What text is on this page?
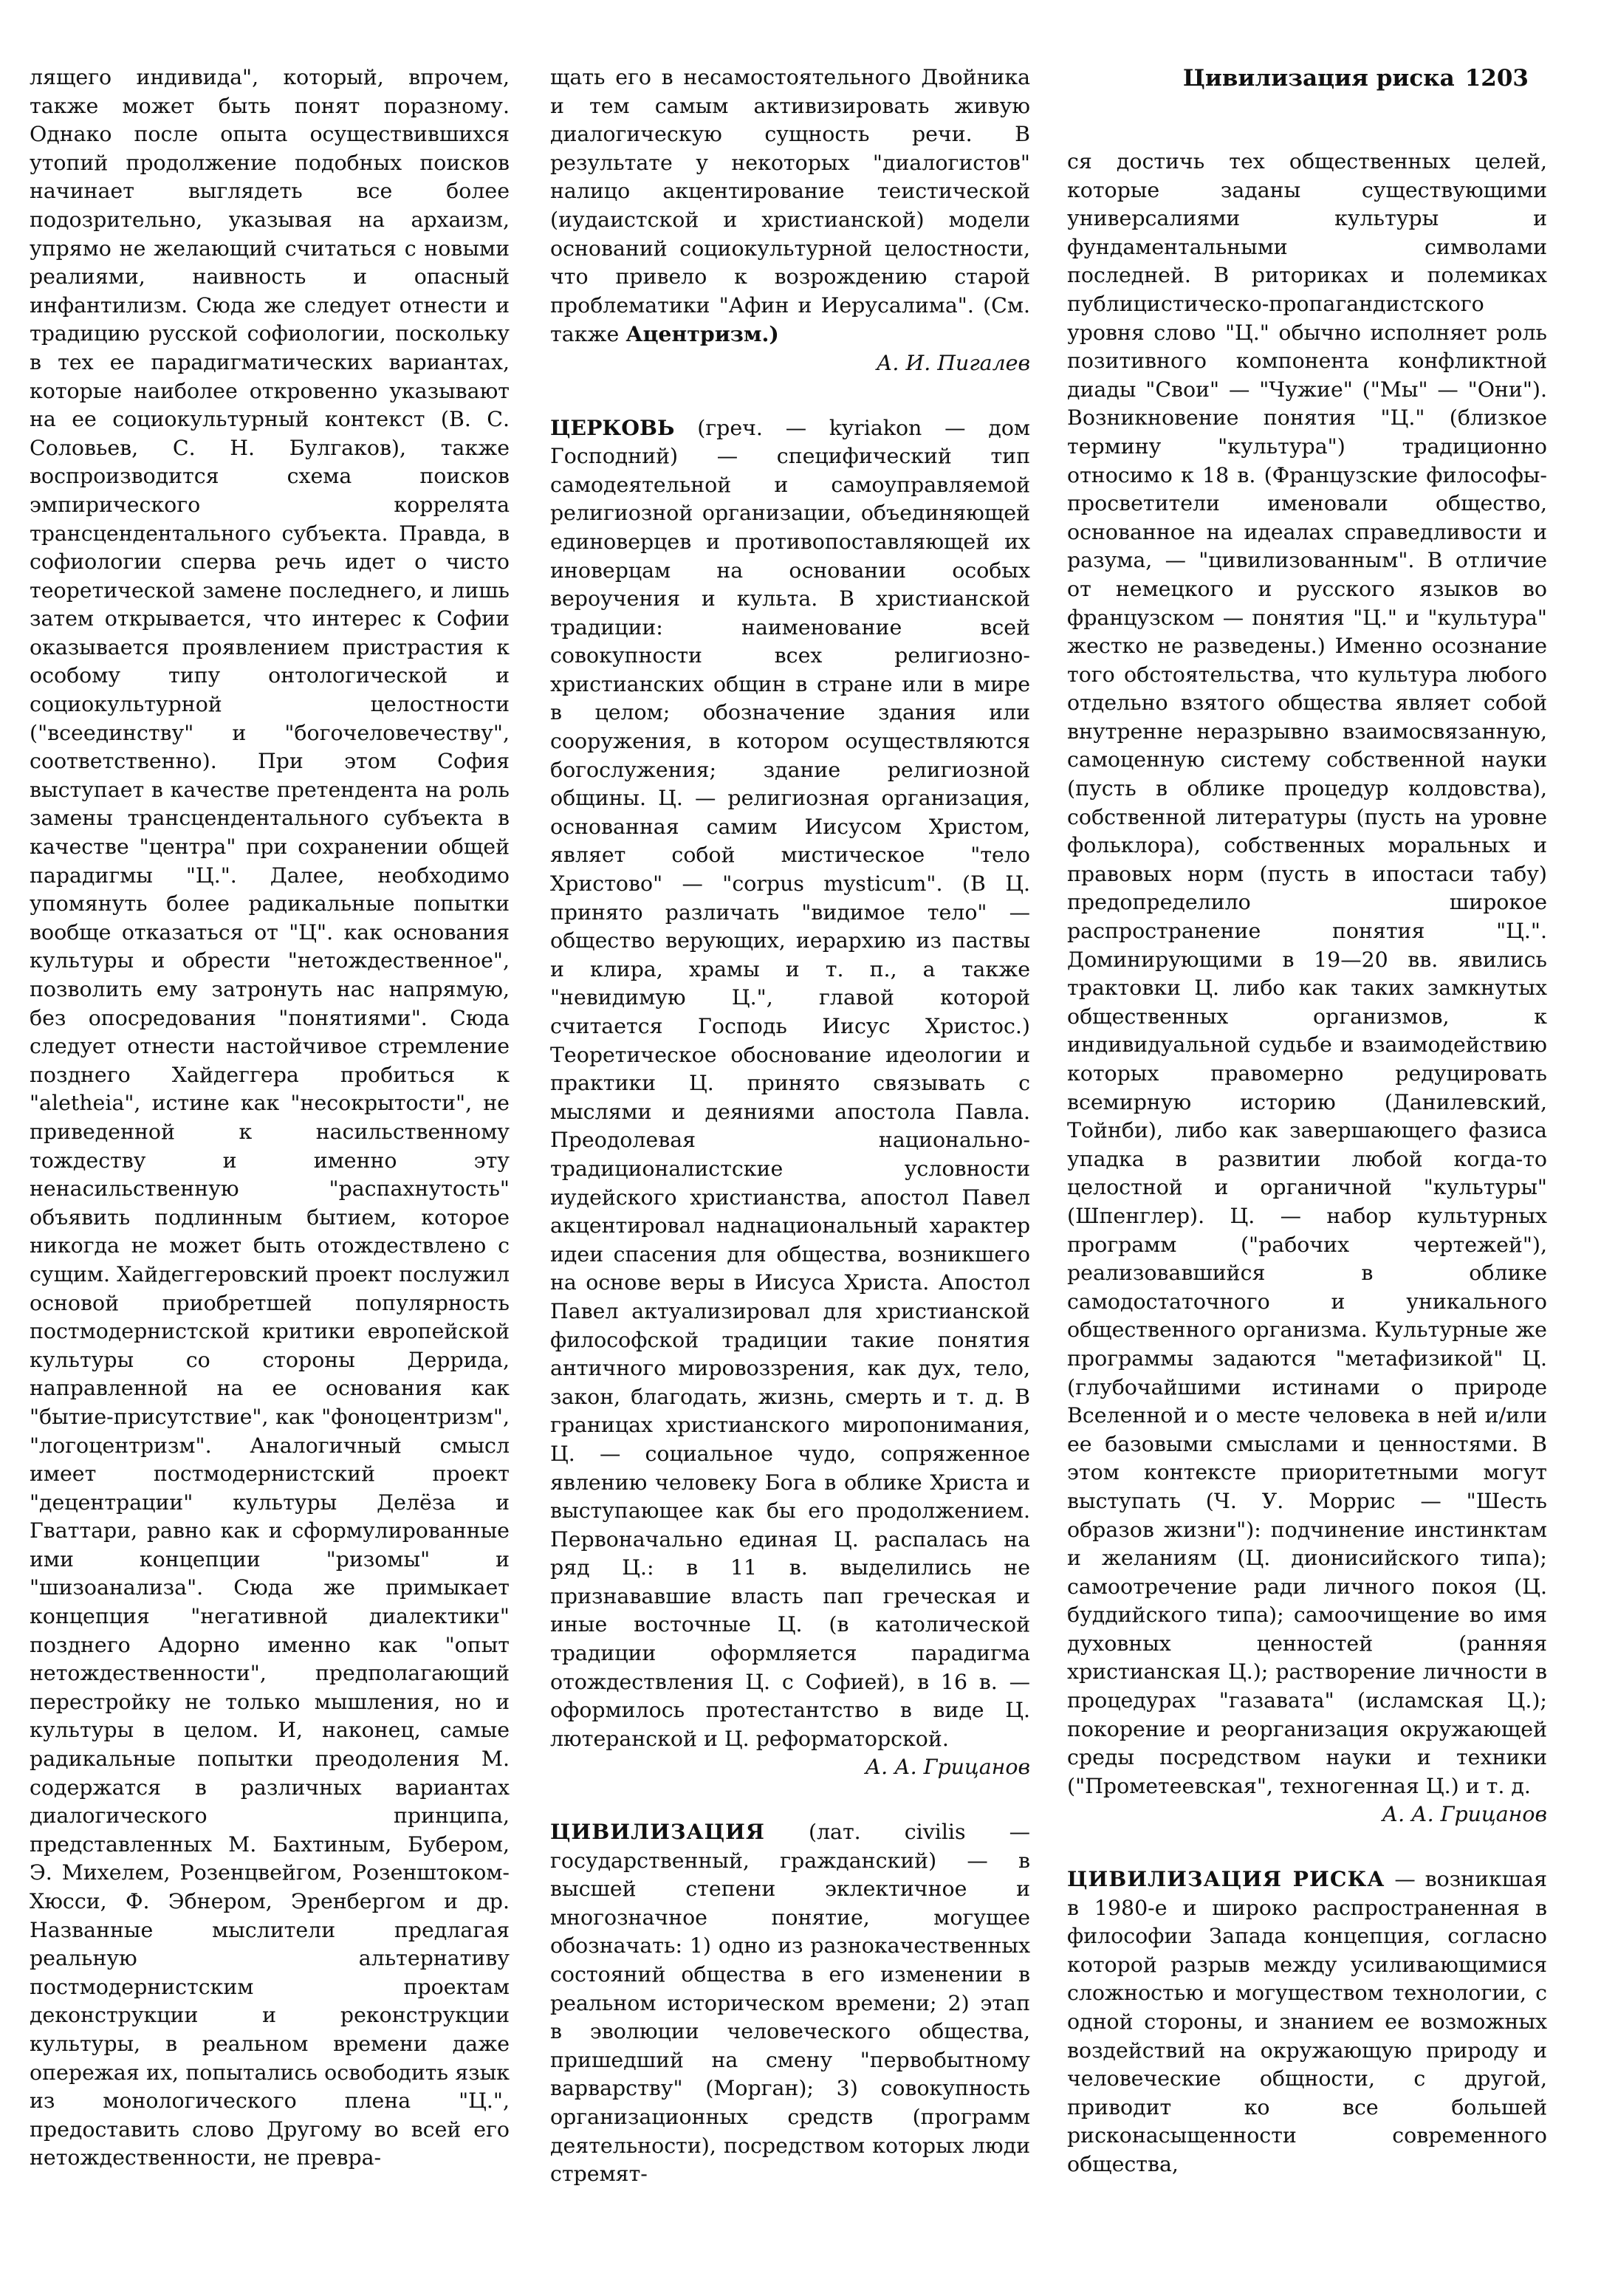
Цивилизация риска 1203

лящего индивида", который, впрочем, также может быть понят поразному. Однако после опыта осуществившихся утопий продолжение подобных поисков начинает выглядеть все более подозрительно, указывая на архаизм, упрямо не желающий считаться с новыми реалиями, наивность и опасный инфантилизм. Сюда же следует отнести и традицию русской софиологии, поскольку в тех ее парадигматических вариантах, которые наиболее откровенно указывают на ее социокультурный контекст (В. С. Соловьев, С. Н. Булгаков), также воспроизводится схема поисков эмпирического коррелята трансцендентального субъекта. Правда, в софиологии сперва речь идет о чисто теоретической замене последнего, и лишь затем открывается, что интерес к Софии оказывается проявлением пристрастия к особому типу онтологической и социокультурной целостности ("всеединству" и "богочеловечеству", соответственно). При этом София выступает в качестве претендента на роль замены трансцендентального субъекта в качестве "центра" при сохранении общей парадигмы "Ц.". Далее, необходимо упомянуть более радикальные попытки вообще отказаться от "Ц". как основания культуры и обрести "нетождественное", позволить ему затронуть нас напрямую, без опосредования "понятиями". Сюда следует отнести настойчивое стремление позднего Хайдеггера пробиться к "aletheia", истине как "несокрытости", не приведенной к насильственному тождеству и именно эту ненасильственную "распахнутость" объявить подлинным бытием, которое никогда не может быть отождествлено с сущим. Хайдеггеровский проект послужил основой приобретшей популярность постмодернистской критики европейской культуры со стороны Деррида, направленной на ее основания как "бытие-присутствие", как "фоноцентризм", "логоцентризм". Аналогичный смысл имеет постмодернистский проект "децентрации" культуры Делёза и Гваттари, равно как и сформулированные ими концепции "ризомы" и "шизоанализа". Сюда же примыкает концепция "негативной диалектики" позднего Адорно именно как "опыт нетождественности", предполагающий перестройку не только мышления, но и культуры в целом. И, наконец, самые радикальные попытки преодоления М. содержатся в различных вариантах диалогического принципа, представленных М. Бахтиным, Бубером, Э. Михелем, Розенцвейгом, Розенштоком-Хюсси, Ф. Эбнером, Эренбергом и др. Названные мыслители предлагая реальную альтернативу постмодернистским проектам деконструкции и реконструкции культуры, в реальном времени даже опережая их, попытались освободить язык из монологического плена "Ц.", предоставить слово Другому во всей его нетождественности, не превра-

щать его в несамостоятельного Двойника и тем самым активизировать живую диалогическую сущность речи. В результате у некоторых "диалогистов" налицо акцентирование теистической (иудаистской и христианской) модели оснований социокультурной целостности, что привело к возрождению старой проблематики "Афин и Иерусалима". (См. также Ацентризм.)

А. И. Пигалев

ЦЕРКОВЬ (греч. — kyriakon — дом Господний) — специфический тип самодеятельной и самоуправляемой религиозной организации, объединяющей единоверцев и противопоставляющей их иноверцам на основании особых вероучения и культа. В христианской традиции: наименование всей совокупности всех религиозно-христианских общин в стране или в мире в целом; обозначение здания или сооружения, в котором осуществляются богослужения; здание религиозной общины. Ц. — религиозная организация, основанная самим Иисусом Христом, являет собой мистическое "тело Христово" — "corpus mysticum". (В Ц. принято различать "видимое тело" — общество верующих, иерархию из паствы и клира, храмы и т. п., а также "невидимую Ц.", главой которой считается Господь Иисус Христос.) Теоретическое обоснование идеологии и практики Ц. принято связывать с мыслями и деяниями апостола Павла. Преодолевая национально-традиционалистские условности иудейского христианства, апостол Павел акцентировал наднациональный характер идеи спасения для общества, возникшего на основе веры в Иисуса Христа. Апостол Павел актуализировал для христианской философской традиции такие понятия античного мировоззрения, как дух, тело, закон, благодать, жизнь, смерть и т. д. В границах христианского миропонимания, Ц. — социальное чудо, сопряженное явлению человеку Бога в облике Христа и выступающее как бы его продолжением. Первоначально единая Ц. распалась на ряд Ц.: в 11 в. выделились не признававшие власть пап греческая и иные восточные Ц. (в католической традиции оформляется парадигма отождествления Ц. с Софией), в 16 в. — оформилось протестантство в виде Ц. лютеранской и Ц. реформаторской.

А. А. Грицанов

ЦИВИЛИЗАЦИЯ (лат. civilis — государственный, гражданский) — в высшей степени эклектичное и многозначное понятие, могущее обозначать: 1) одно из разнокачественных состояний общества в его изменении в реальном историческом времени; 2) этап в эволюции человеческого общества, пришедший на смену "первобытному варварству" (Морган); 3) совокупность организационных средств (программ деятельности), посредством которых люди стремят-

ся достичь тех общественных целей, которые заданы существующими универсалиями культуры и фундаментальными символами последней. В риториках и полемиках публицистическо-пропагандистского уровня слово "Ц." обычно исполняет роль позитивного компонента конфликтной диады "Свои" — "Чужие" ("Мы" — "Они"). Возникновение понятия "Ц." (близкое термину "культура") традиционно относимо к 18 в. (Французские философы-просветители именовали общество, основанное на идеалах справедливости и разума, — "цивилизованным". В отличие от немецкого и русского языков во французском — понятия "Ц." и "культура" жестко не разведены.) Именно осознание того обстоятельства, что культура любого отдельно взятого общества являет собой внутренне неразрывно взаимосвязанную, самоценную систему собственной науки (пусть в облике процедур колдовства), собственной литературы (пусть на уровне фольклора), собственных моральных и правовых норм (пусть в ипостаси табу) предопределило широкое распространение понятия "Ц.". Доминирующими в 19—20 вв. явились трактовки Ц. либо как таких замкнутых общественных организмов, к индивидуальной судьбе и взаимодействию которых правомерно редуцировать всемирную историю (Данилевский, Тойнби), либо как завершающего фазиса упадка в развитии любой когда-то целостной и органичной "культуры" (Шпенглер). Ц. — набор культурных программ ("рабочих чертежей"), реализовавшийся в облике самодостаточного и уникального общественного организма. Культурные же программы задаются "метафизикой" Ц. (глубочайшими истинами о природе Вселенной и о месте человека в ней и/или ее базовыми смыслами и ценностями. В этом контексте приоритетными могут выступать (Ч. У. Моррис — "Шесть образов жизни"): подчинение инстинктам и желаниям (Ц. дионисийского типа); самоотречение ради личного покоя (Ц. буддийского типа); самоочищение во имя духовных ценностей (ранняя христианская Ц.); растворение личности в процедурах "газавата" (исламская Ц.); покорение и реорганизация окружающей среды посредством науки и техники ("Прометеевская", техногенная Ц.) и т. д.

А. А. Грицанов

ЦИВИЛИЗАЦИЯ РИСКА — возникшая в 1980-е и широко распространенная в философии Запада концепция, согласно которой разрыв между усиливающимися сложностью и могуществом технологии, с одной стороны, и знанием ее возможных воздействий на окружающую природу и человеческие общности, с другой, приводит ко все большей рисконасыщенности современного общества,
